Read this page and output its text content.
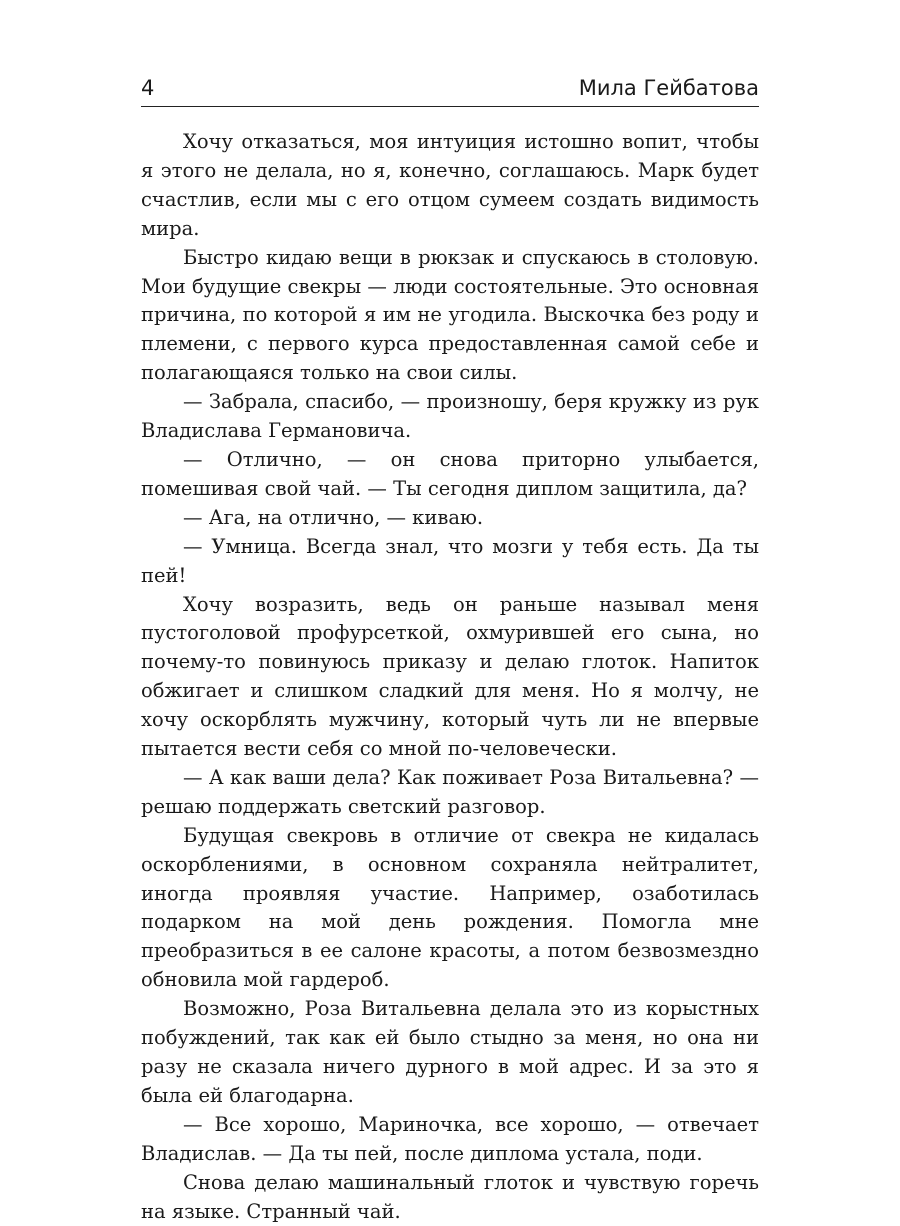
4	Мила Гейбатова

Хочу отказаться, моя интуиция истошно вопит, чтобы я этого не делала, но я, конечно, соглашаюсь. Марк будет счастлив, если мы с его отцом сумеем создать видимость мира.

Быстро кидаю вещи в рюкзак и спускаюсь в столовую. Мои будущие свекры — люди состоятельные. Это основная причина, по которой я им не угодила. Выскочка без роду и племени, с первого курса предоставленная самой себе и полагающаяся только на свои силы.

— Забрала, спасибо, — произношу, беря кружку из рук Владислава Германовича.

— Отлично, — он снова приторно улыбается, помешивая свой чай. — Ты сегодня диплом защитила, да?

— Ага, на отлично, — киваю.

— Умница. Всегда знал, что мозги у тебя есть. Да ты пей!

Хочу возразить, ведь он раньше называл меня пустоголовой профурсеткой, охмурившей его сына, но почему-то повинуюсь приказу и делаю глоток. Напиток обжигает и слишком сладкий для меня. Но я молчу, не хочу оскорблять мужчину, который чуть ли не впервые пытается вести себя со мной по-человечески.

— А как ваши дела? Как поживает Роза Витальевна? — решаю поддержать светский разговор.

Будущая свекровь в отличие от свекра не кидалась оскорблениями, в основном сохраняла нейтралитет, иногда проявляя участие. Например, озаботилась подарком на мой день рождения. Помогла мне преобразиться в ее салоне красоты, а потом безвозмездно обновила мой гардероб.

Возможно, Роза Витальевна делала это из корыстных побуждений, так как ей было стыдно за меня, но она ни разу не сказала ничего дурного в мой адрес. И за это я была ей благодарна.

— Все хорошо, Мариночка, все хорошо, — отвечает Владислав. — Да ты пей, после диплома устала, поди.

Снова делаю машинальный глоток и чувствую горечь на языке. Странный чай.
